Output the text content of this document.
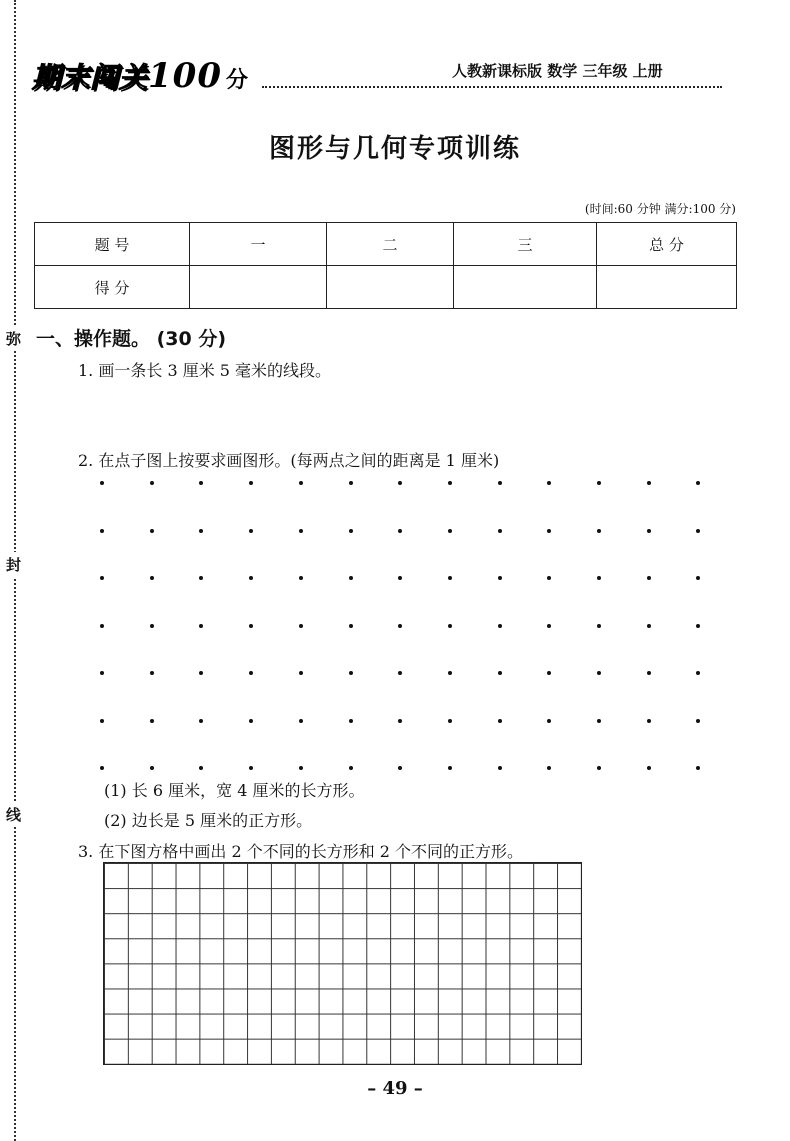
弥
封
线
期末闯关100 分	人教新课标版 数学 三年级 上册
图形与几何专项训练
(时间:60 分钟 满分:100 分)
题 号	一	二	三	总 分
得 分				
一、操作题。 (30 分)
1. 画一条长 3 厘米 5 毫米的线段。
2. 在点子图上按要求画图形。(每两点之间的距离是 1 厘米)
(1) 长 6 厘米，宽 4 厘米的长方形。
(2) 边长是 5 厘米的正方形。
3. 在下图方格中画出 2 个不同的长方形和 2 个不同的正方形。
– 49 –
